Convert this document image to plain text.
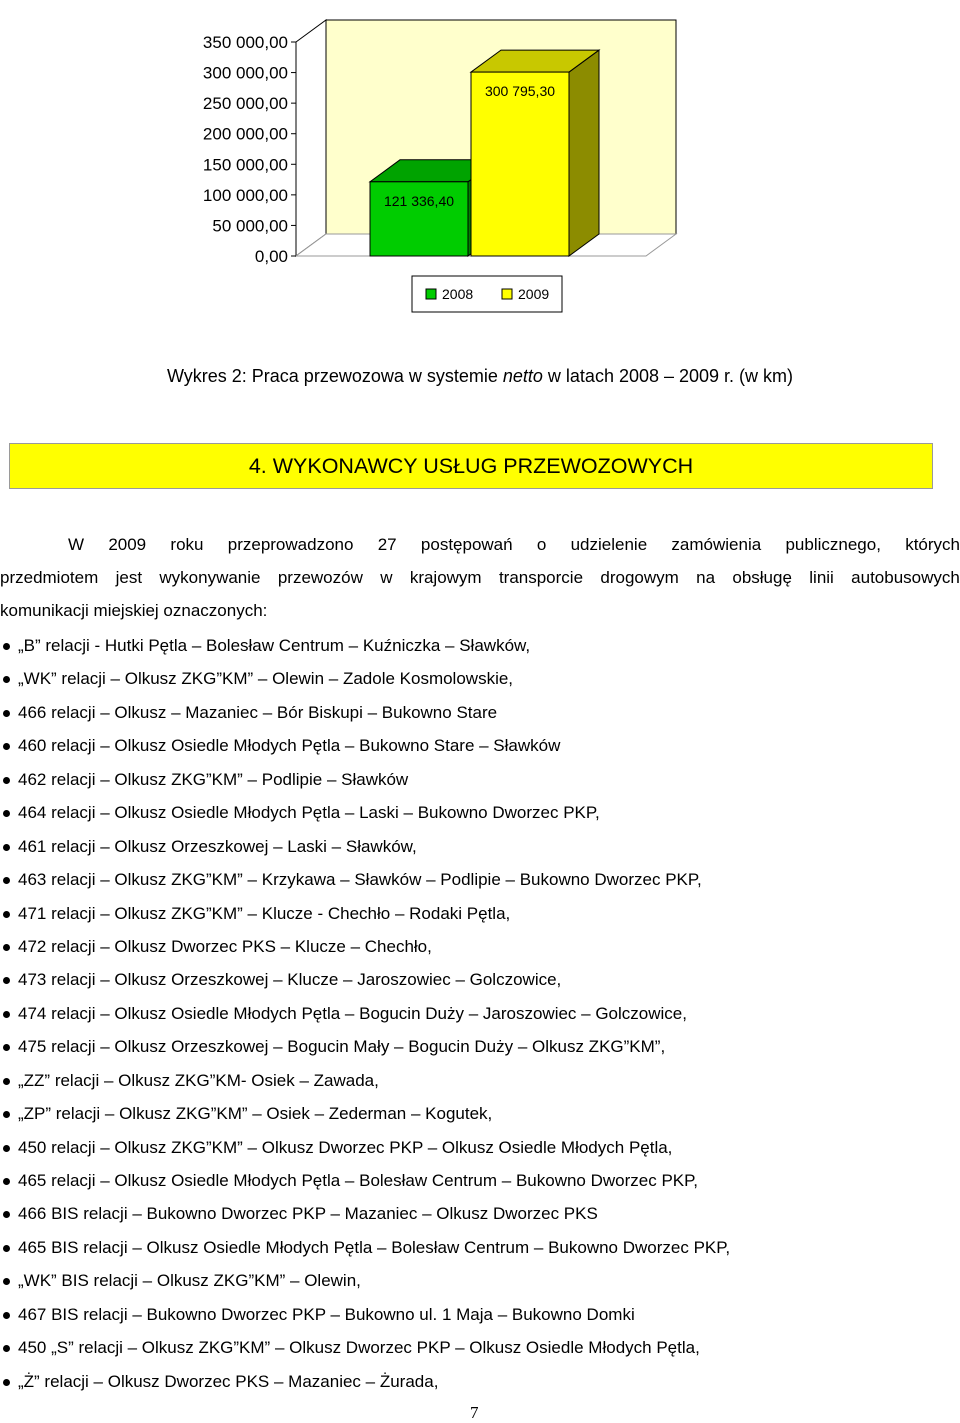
0,00
50 000,00
100 000,00
150 000,00
200 000,00
250 000,00
300 000,00
350 000,00
121 336,40
300 795,30
2008	2009
Wykres 2: Praca przewozowa w systemie netto w latach 2008 – 2009 r. (w km)
4. WYKONAWCY USŁUG PRZEWOZOWYCH
W 2009 roku przeprowadzono 27 postępowań o udzielenie zamówienia publicznego, których
przedmiotem jest wykonywanie przewozów w krajowym transporcie drogowym na obsługę linii autobusowych
komunikacji miejskiej oznaczonych:
„B” relacji - Hutki Pętla – Bolesław Centrum – Kuźniczka – Sławków,
„WK” relacji – Olkusz ZKG”KM” – Olewin – Zadole Kosmolowskie,
466 relacji – Olkusz – Mazaniec – Bór Biskupi – Bukowno Stare
460 relacji – Olkusz Osiedle Młodych Pętla – Bukowno Stare – Sławków
462 relacji – Olkusz ZKG”KM” – Podlipie – Sławków
464 relacji – Olkusz Osiedle Młodych Pętla – Laski – Bukowno Dworzec PKP,
461 relacji – Olkusz Orzeszkowej – Laski – Sławków,
463 relacji – Olkusz ZKG”KM” – Krzykawa – Sławków – Podlipie – Bukowno Dworzec PKP,
471 relacji – Olkusz ZKG”KM” – Klucze - Chechło – Rodaki Pętla,
472 relacji – Olkusz Dworzec PKS – Klucze – Chechło,
473 relacji – Olkusz Orzeszkowej – Klucze – Jaroszowiec – Golczowice,
474 relacji – Olkusz Osiedle Młodych Pętla – Bogucin Duży – Jaroszowiec – Golczowice,
475 relacji – Olkusz Orzeszkowej – Bogucin Mały – Bogucin Duży – Olkusz ZKG”KM”,
„ZZ” relacji – Olkusz ZKG”KM- Osiek – Zawada,
„ZP” relacji – Olkusz ZKG”KM” – Osiek – Zederman – Kogutek,
450 relacji – Olkusz ZKG”KM” – Olkusz Dworzec PKP – Olkusz Osiedle Młodych Pętla,
465 relacji – Olkusz Osiedle Młodych Pętla – Bolesław Centrum – Bukowno Dworzec PKP,
466 BIS relacji – Bukowno Dworzec PKP – Mazaniec – Olkusz Dworzec PKS
465 BIS relacji – Olkusz Osiedle Młodych Pętla – Bolesław Centrum – Bukowno Dworzec PKP,
„WK” BIS relacji – Olkusz ZKG”KM” – Olewin,
467 BIS relacji – Bukowno Dworzec PKP – Bukowno ul. 1 Maja – Bukowno Domki
450 „S” relacji – Olkusz ZKG”KM” – Olkusz Dworzec PKP – Olkusz Osiedle Młodych Pętla,
„Ż” relacji – Olkusz Dworzec PKS – Mazaniec – Żurada,
7
